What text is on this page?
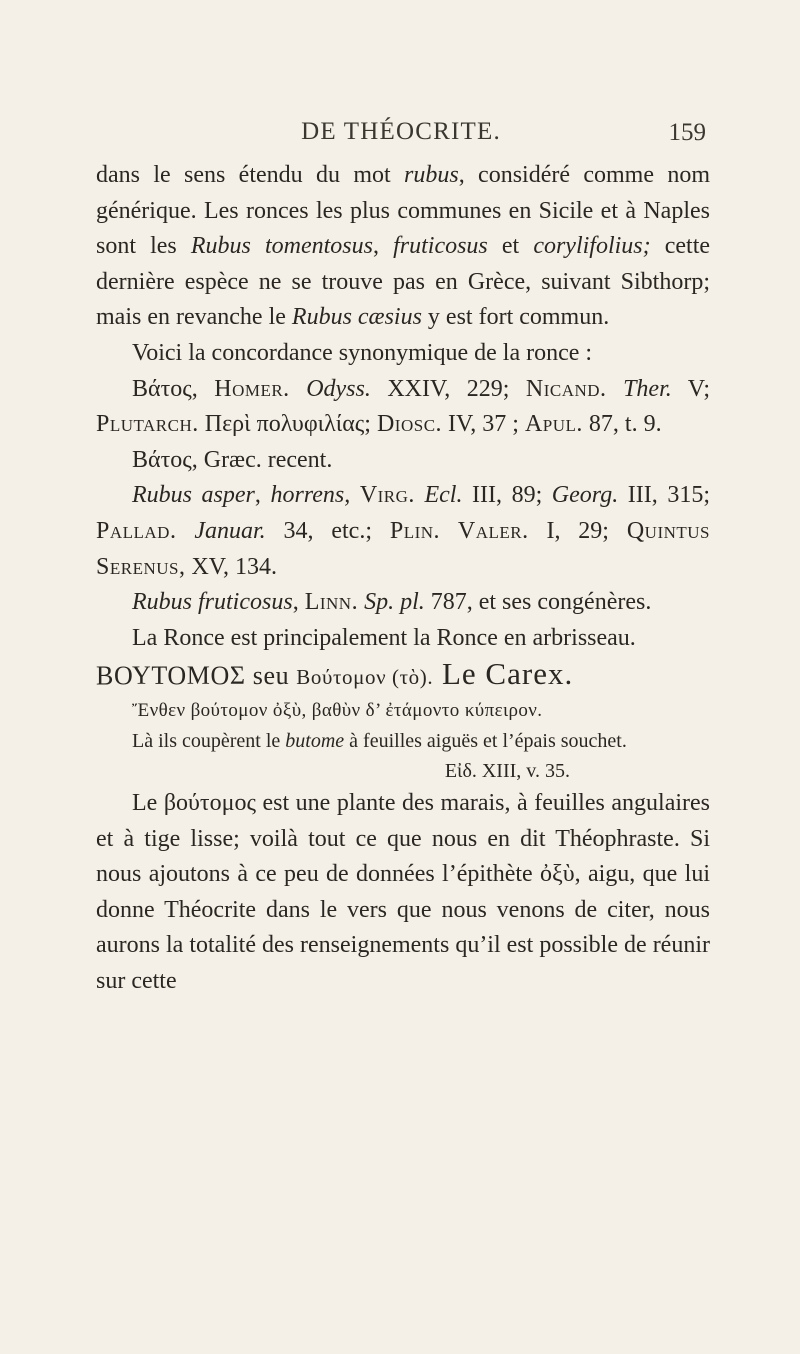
DE THÉOCRITE.	159

dans le sens étendu du mot rubus, considéré comme nom générique. Les ronces les plus communes en Sicile et à Naples sont les Rubus tomentosus, fruticosus et corylifolius; cette dernière espèce ne se trouve pas en Grèce, suivant Sibthorp; mais en revanche le Rubus cæsius y est fort commun.

Voici la concordance synonymique de la ronce :

Βάτος, Homer. Odyss. XXIV, 229; Nicand. Ther. V; Plutarch. Περὶ πολυφιλίας; Diosc. IV, 37 ; Apul. 87, t. 9.

Βάτος, Græc. recent.

Rubus asper, horrens, Virg. Ecl. III, 89; Georg. III, 315; Pallad. Januar. 34, etc.; Plin. Valer. I, 29; Quintus Serenus, XV, 134.

Rubus fruticosus, Linn. Sp. pl. 787, et ses congénères.

La Ronce est principalement la Ronce en arbrisseau.

ΒΟΥΤΟΜΟΣ seu Βούτομον (τὸ). Le Carex.

Ἔνθεν βούτομον ὀξὺ, βαθὺν δ’ ἐτάμοντο κύπειρον.

Là ils coupèrent le butome à feuilles aiguës et l’épais souchet.

Εἰδ. XIII, v. 35.

Le βούτομος est une plante des marais, à feuilles angulaires et à tige lisse; voilà tout ce que nous en dit Théophraste. Si nous ajoutons à ce peu de données l’épithète ὀξὺ, aigu, que lui donne Théocrite dans le vers que nous venons de citer, nous aurons la totalité des renseignements qu’il est possible de réunir sur cette
